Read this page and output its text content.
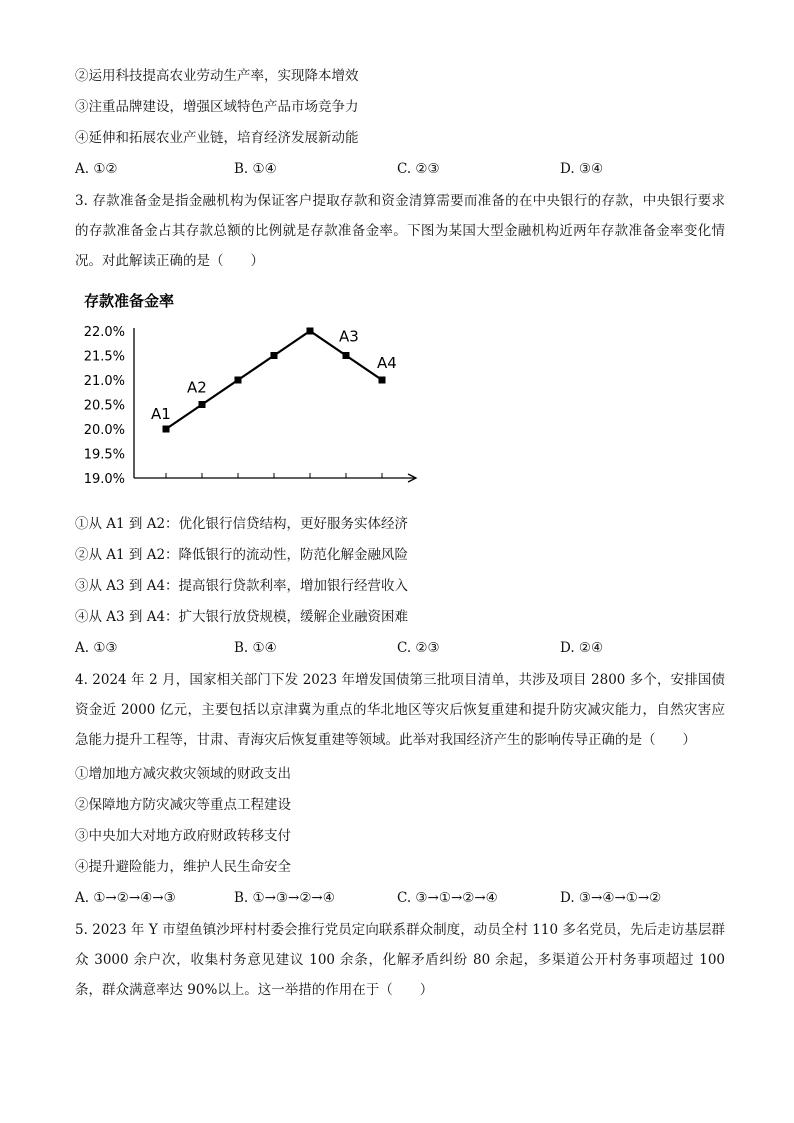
②运用科技提高农业劳动生产率，实现降本增效
③注重品牌建设，增强区域特色产品市场竞争力
④延伸和拓展农业产业链，培育经济发展新动能
A. ①②	B. ①④	C. ②③	D. ③④
3. 存款准备金是指金融机构为保证客户提取存款和资金清算需要而准备的在中央银行的存款，中央银行要求的存款准备金占其存款总额的比例就是存款准备金率。下图为某国大型金融机构近两年存款准备金率变化情况。对此解读正确的是（　　）
存款准备金率
22.0%
21.5%
21.0%
20.5%
20.0%
19.5%
19.0%
A1
A2
A3
A4
①从 A1 到 A2：优化银行信贷结构，更好服务实体经济
②从 A1 到 A2：降低银行的流动性，防范化解金融风险
③从 A3 到 A4：提高银行贷款利率，增加银行经营收入
④从 A3 到 A4：扩大银行放贷规模，缓解企业融资困难
A. ①③	B. ①④	C. ②③	D. ②④
4. 2024 年 2 月，国家相关部门下发 2023 年增发国债第三批项目清单，共涉及项目 2800 多个，安排国债资金近 2000 亿元，主要包括以京津冀为重点的华北地区等灾后恢复重建和提升防灾减灾能力，自然灾害应急能力提升工程等，甘肃、青海灾后恢复重建等领域。此举对我国经济产生的影响传导正确的是（　　）
①增加地方减灾救灾领域的财政支出
②保障地方防灾减灾等重点工程建设
③中央加大对地方政府财政转移支付
④提升避险能力，维护人民生命安全
A. ①→②→④→③	B. ①→③→②→④	C. ③→①→②→④	D. ③→④→①→②
5. 2023 年 Y 市望鱼镇沙坪村村委会推行党员定向联系群众制度，动员全村 110 多名党员，先后走访基层群众 3000 余户次，收集村务意见建议 100 余条，化解矛盾纠纷 80 余起，多渠道公开村务事项超过 100 条，群众满意率达 90%以上。这一举措的作用在于（　　）
